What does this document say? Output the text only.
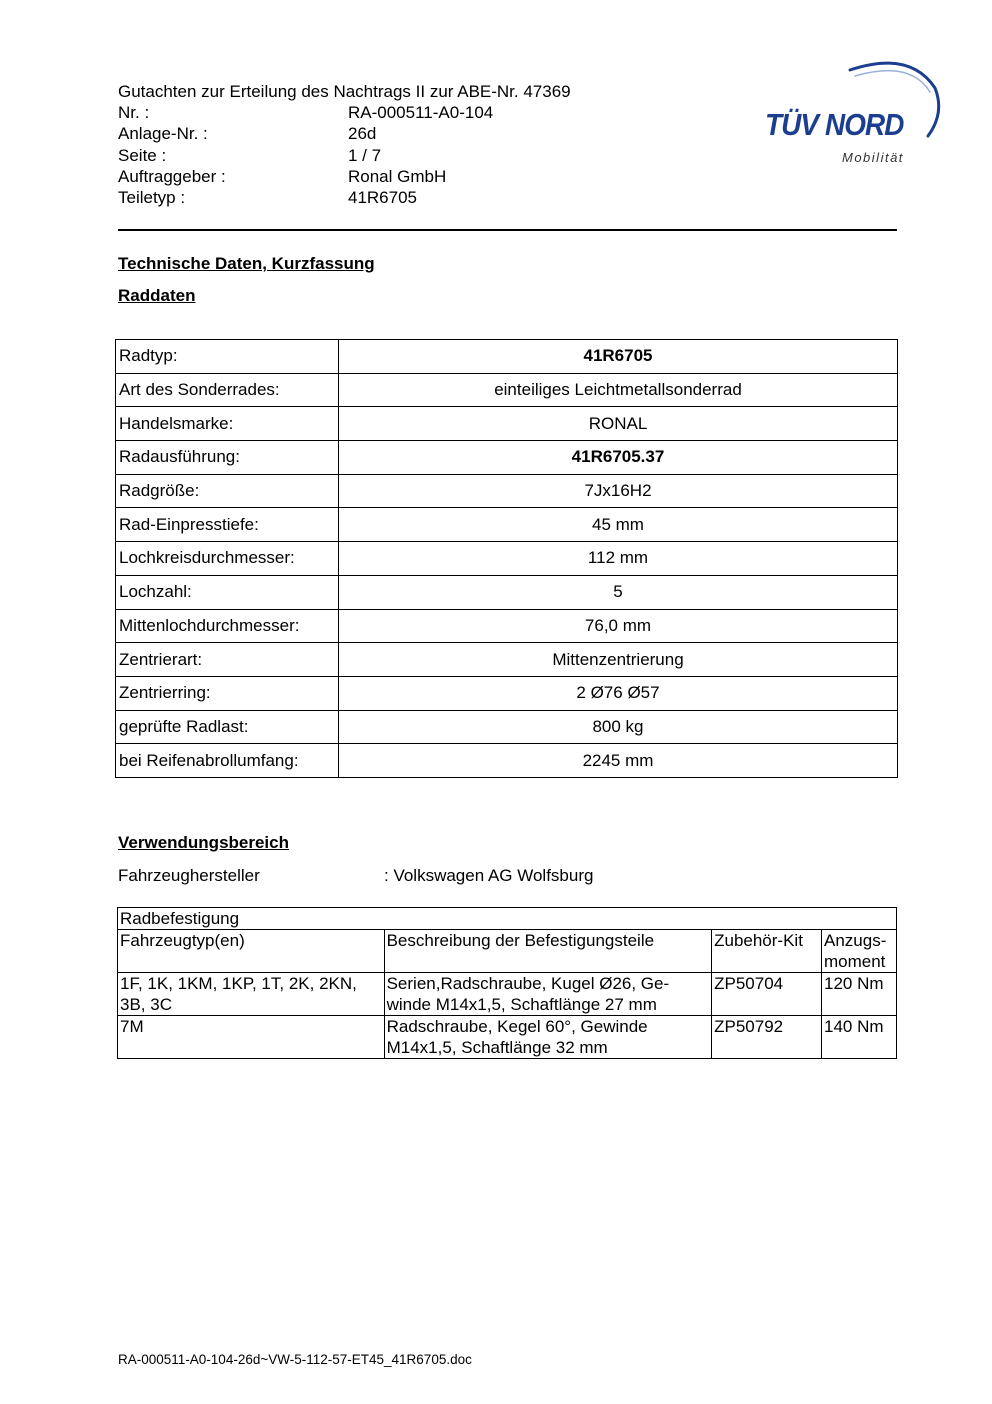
Gutachten zur Erteilung des Nachtrags II zur ABE-Nr. 47369
Nr. :	RA-000511-A0-104
Anlage-Nr. :	26d
Seite :	1 / 7
Auftraggeber :	Ronal GmbH
Teiletyp :	41R6705
TÜV NORD
Mobilität
Technische Daten, Kurzfassung
Raddaten
Radtyp:	41R6705
Art des Sonderrades:	einteiliges Leichtmetallsonderrad
Handelsmarke:	RONAL
Radausführung:	41R6705.37
Radgröße:	7Jx16H2
Rad-Einpresstiefe:	45 mm
Lochkreisdurchmesser:	112 mm
Lochzahl:	5
Mittenlochdurchmesser:	76,0 mm
Zentrierart:	Mittenzentrierung
Zentrierring:	2 Ø76 Ø57
geprüfte Radlast:	800 kg
bei Reifenabrollumfang:	2245 mm
Verwendungsbereich
Fahrzeughersteller	: Volkswagen AG Wolfsburg
Radbefestigung			
Fahrzeugtyp(en)	Beschreibung der Befestigungsteile	Zubehör-Kit	Anzugs-
moment
1F, 1K, 1KM, 1KP, 1T, 2K, 2KN, 3B, 3C	Serien,Radschraube, Kugel Ø26, Ge-
winde M14x1,5, Schaftlänge 27 mm	ZP50704	120 Nm
7M	Radschraube, Kegel 60°, Gewinde
M14x1,5, Schaftlänge 32 mm	ZP50792	140 Nm
RA-000511-A0-104-26d~VW-5-112-57-ET45_41R6705.doc
